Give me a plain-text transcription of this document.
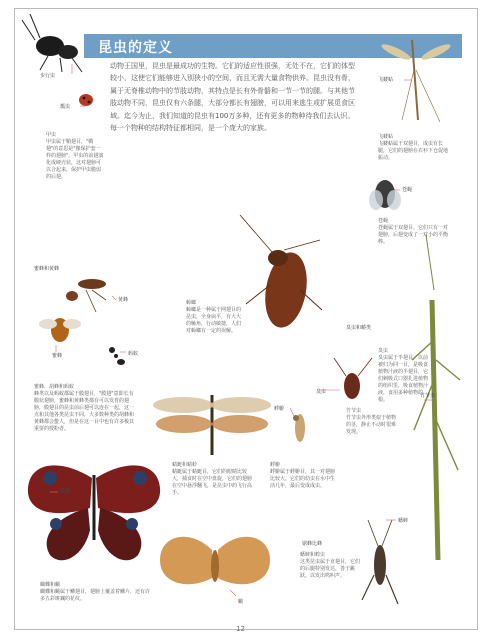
昆虫的定义
动物王国里，昆虫是最成功的生物。它们的适应性很强，无处不在，它们的体型较小，这使它们能够进入别狭小的空间，而且无需大量食物供养。昆虫没有骨，属于无脊椎动物中的节肢动物，其特点是长有外骨骼和一节一节的腿。与其他节肢动物不同，昆虫仅有六条腿，大部分都长有翅膀，可以用来逃生或扩展觅食区域。迄今为止，我们知道的昆虫有100万多种，还有更多的物种待我们去认识。每一个物种的结构特征都相同，是一个庞大的家族。
步行虫
瓢虫
飞蝼蛄
苍蝇
蜜蜂和黄蜂
黄蜂
蜜蜂	蚂蚁
臭虫和蝽类
臭虫
蜉蝣
竹节虫
蝴蝶
蛾
蟋蟀
锯蜂比蜂
甲虫
甲虫属于鞘翅目，"鞘翅"的意思是"像保护套一样的翅膀"，甲虫的前翅演化成硬壳状，这对翅膀可以合起来，保护甲虫脆弱的后翅。
飞蝼蛄
飞蝼蛄属于双翅目，成虫有长腿，它们的翅膀在衣衫下仓促地振动。
苍蝇
苍蝇属于双翅目。它们只有一对翅膀，后翅变成了一对小的平衡棒。
蜜蜂、胡蜂和蚂蚁
蜂类以及蚂蚁都属于膜翅目，"膜翅"意即长有膜状翅膀，蜜蜂和黄蜂类都有可以发育的翅膀，膜翅目的昆虫前后翅可以连在一起，这一点和其他各类昆虫不同，大多数种类的胡蜂和黄蜂都会蛰人，但是在这一目中也有许多极其重要的授粉者。
蟑螂
蟑螂是一种属于网翅目的昆虫，全身扁平，有大大的触角，行动敏捷，人们对蟑螂有一定的误解。
臭虫
臭虫属于半翅目，以前被归为同一目，是吸食植物汁液的半翅目，它们刺吸式口器扎进植物的组织里，吸食植物汁液，食用多种植物的根。
蜻蜓和蜻蛉
蜻蜓属于蜻蜓目，它们的眼睛比较大，捕食时在空中盘旋，它们的翅膀在空中悬浮翻飞，是昆虫中的飞行高手。
蜉蝣
蜉蝣属于蜉蝣目，其一对翅膀比较大，它们的幼虫在水中生活几年，最后变成成虫。
竹节虫
竹节虫外形类似于植物的茎，静止不动时很难发现。
蟋蟀和蝗虫
这类昆虫属于直翅目，它们的后腿特别发达，善于跳跃，以发出鸣叫声。
蝴蝶和蛾
蝴蝶和蛾属于鳞翅目，翅膀上覆盖着鳞片，还有许多五彩斑斓的花纹。
12
